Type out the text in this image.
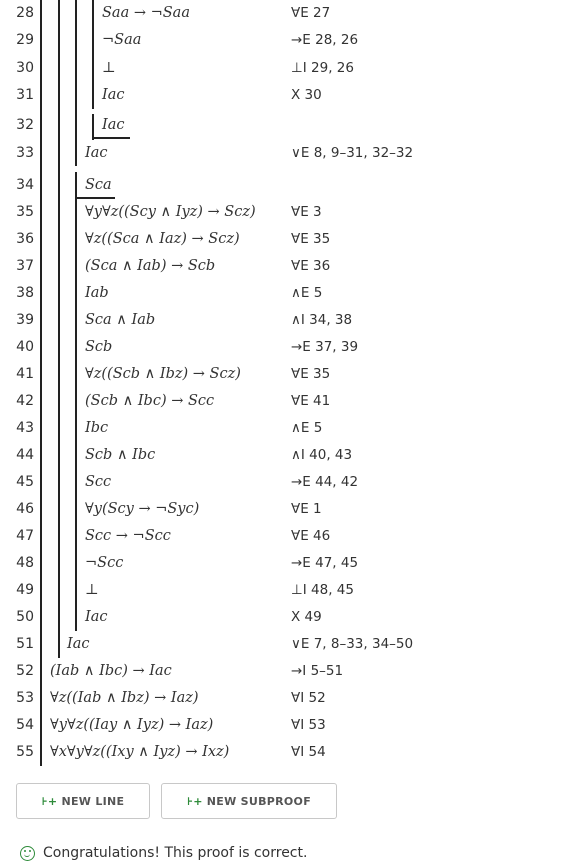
28	Saa → ¬Saa	∀E 27
29	¬Saa	→E 28, 26
30	⊥	⊥I 29, 26
31	Iac	X 30
32	Iac
33	Iac	∨E 8, 9–31, 32–32
34	Sca
35	∀y∀z((Scy ∧ Iyz) → Scz)	∀E 3
36	∀z((Sca ∧ Iaz) → Scz)	∀E 35
37	(Sca ∧ Iab) → Scb	∀E 36
38	Iab	∧E 5
39	Sca ∧ Iab	∧I 34, 38
40	Scb	→E 37, 39
41	∀z((Scb ∧ Ibz) → Scz)	∀E 35
42	(Scb ∧ Ibc) → Scc	∀E 41
43	Ibc	∧E 5
44	Scb ∧ Ibc	∧I 40, 43
45	Scc	→E 44, 42
46	∀y(Scy → ¬Syc)	∀E 1
47	Scc → ¬Scc	∀E 46
48	¬Scc	→E 47, 45
49	⊥	⊥I 48, 45
50	Iac	X 49
51 Iac	∨E 7, 8–33, 34–50
52 (Iab ∧ Ibc) → Iac	→I 5–51
53 ∀z((Iab ∧ Ibz) → Iaz)	∀I 52
54 ∀y∀z((Iay ∧ Iyz) → Iaz)	∀I 53
55 ∀x∀y∀z((Ixy ∧ Iyz) → Ixz)	∀I 54
⊦+ NEW LINE	⊦+ NEW SUBPROOF
Congratulations! This proof is correct.
